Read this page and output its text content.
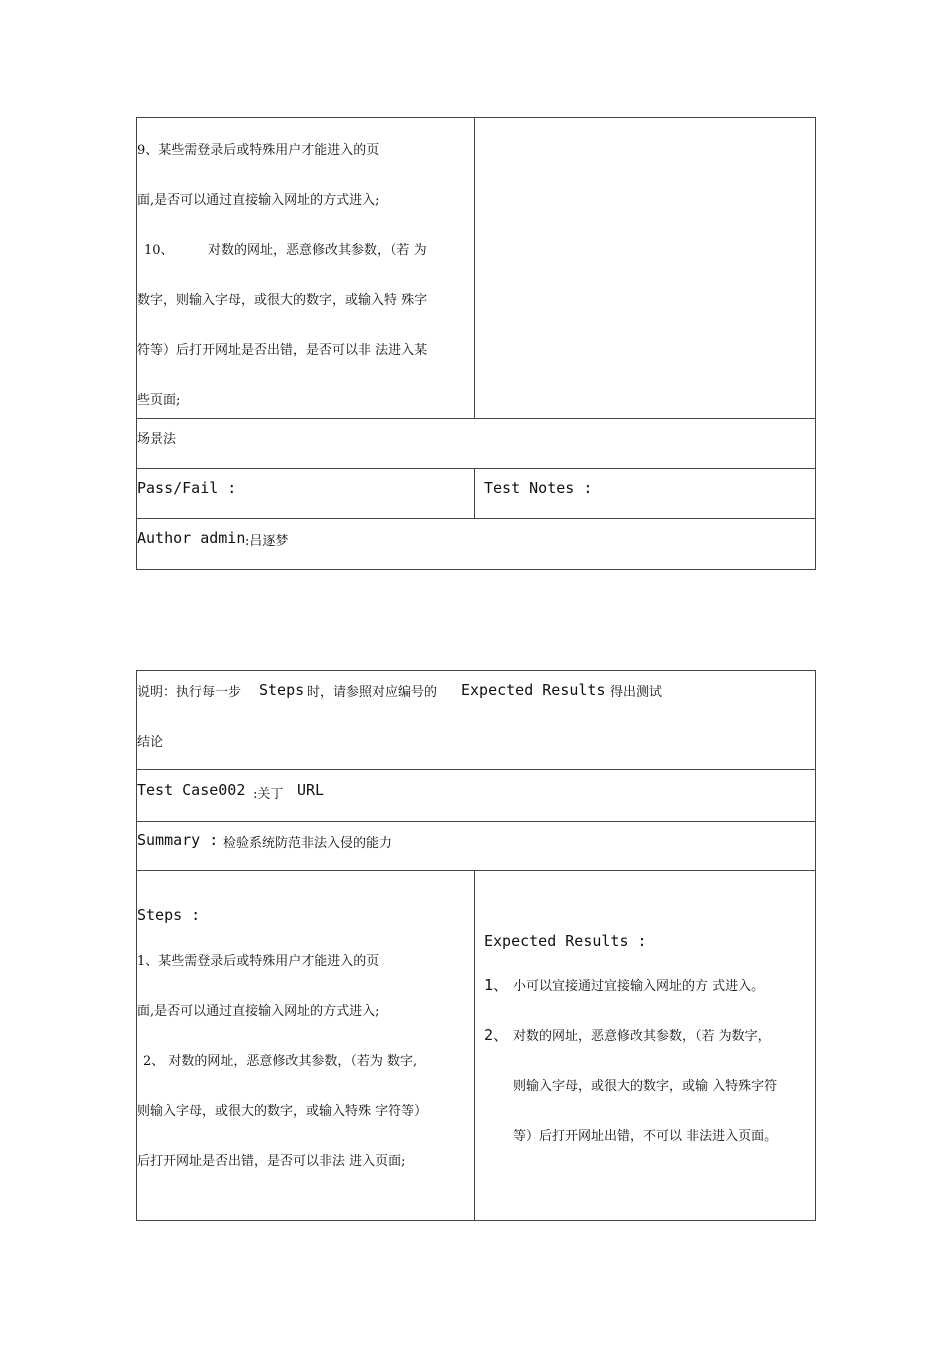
9、某些需登录后或特殊用户才能进入的页
面,是否可以通过直接输入网址的方式进入;
10、	对数的网址，恶意修改其参数，（若 为
数字，则输入字母，或很大的数字，或输入特 殊字
符等）后打开网址是否出错，是否可以非 法进入某
些页面;
场景法
Pass/Fail :	Test Notes :
Author admin :吕逐梦
说明：执行每一步 Steps 时，请参照对应编号的 Expected Results 得出测试
结论
Test Case002 :关丁 URL
Summary : 检验系统防范非法入侵的能力
Steps :
1、某些需登录后或特殊用户才能进入的页
面,是否可以通过直接输入网址的方式进入;
2、 对数的网址，恶意修改其参数，（若为 数字,
则输入字母，或很大的数字，或输入特殊 字符等）
后打开网址是否出错，是否可以非法 进入页面;
Expected Results :
1、 小可以宜接通过宜接输入网址的方 式进入。
2、 对数的网址，恶意修改其参数，（若 为数字，
则输入字母，或很大的数字，或输 入特殊字符
等）后打开网址出错，不可以 非法进入页面。
